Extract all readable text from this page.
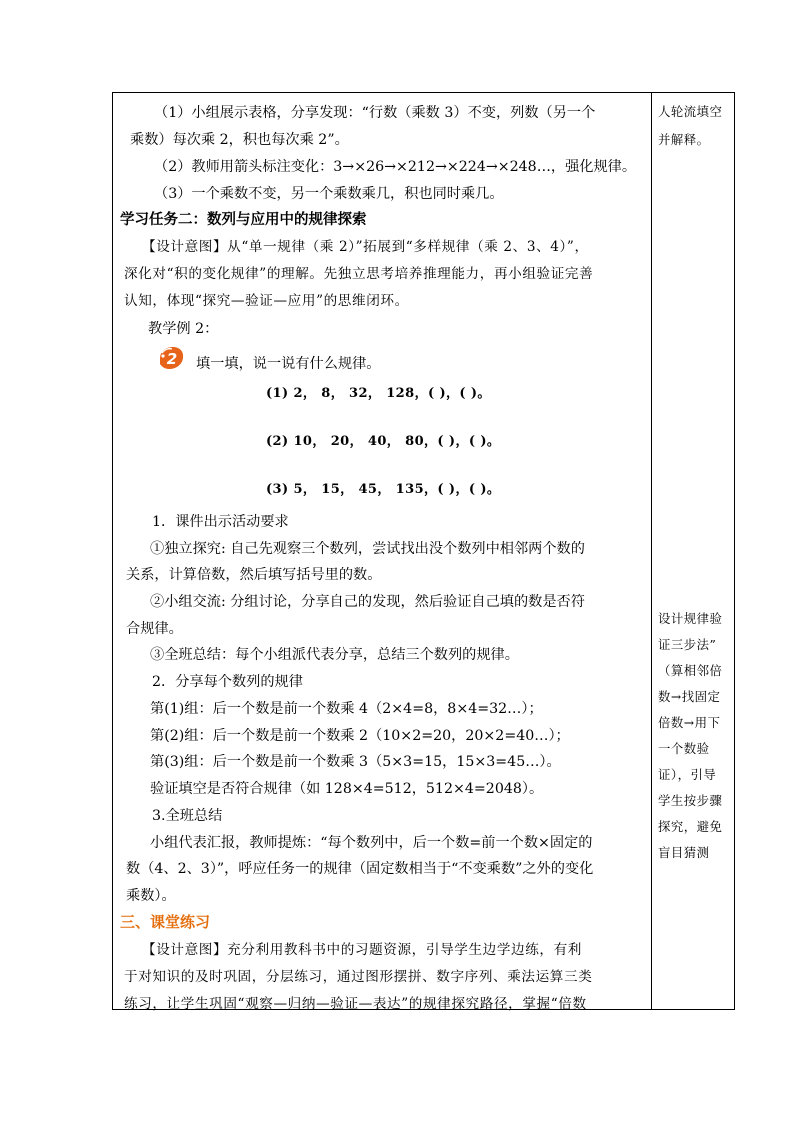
（1）小组展示表格，分享发现：“行数（乘数 3）不变，列数（另一个
乘数）每次乘 2，积也每次乘 2”。
（2）教师用箭头标注变化：3→×26→×212→×224→×248…，强化规律。
（3）一个乘数不变，另一个乘数乘几，积也同时乘几。
学习任务二：数列与应用中的规律探索
【设计意图】从“单一规律（乘 2）”拓展到“多样规律（乘 2、3、4）”，
深化对“积的变化规律”的理解。先独立思考培养推理能力，再小组验证完善
认知，体现“探究—验证—应用”的思维闭环。
教学例 2：
2 填一填，说一说有什么规律。
(1) 2， 8， 32， 128，( )，( )。
(2) 10， 20， 40， 80，( )，( )。
(3) 5， 15， 45， 135，( )，( )。
1．课件出示活动要求
①独立探究: 自己先观察三个数列，尝试找出没个数列中相邻两个数的
关系，计算倍数，然后填写括号里的数。
②小组交流: 分组讨论，分享自己的发现，然后验证自己填的数是否符
合规律。
③全班总结：每个小组派代表分享，总结三个数列的规律。
2．分享每个数列的规律
第(1)组：后一个数是前一个数乘 4（2×4=8，8×4=32…）；
第(2)组：后一个数是前一个数乘 2（10×2=20，20×2=40…）；
第(3)组：后一个数是前一个数乘 3（5×3=15，15×3=45…）。
验证填空是否符合规律（如 128×4=512，512×4=2048）。
3.全班总结
小组代表汇报，教师提炼：“每个数列中，后一个数=前一个数×固定的
数（4、2、3）”，呼应任务一的规律（固定数相当于“不变乘数”之外的变化
乘数）。
三、课堂练习
【设计意图】充分利用教科书中的习题资源，引导学生边学边练，有利
于对知识的及时巩固，分层练习，通过图形摆拼、数字序列、乘法运算三类
练习，让学生巩固“观察—归纳—验证—表达”的规律探究路径，掌握“倍数
人轮流填空
并解释。
设计规律验
证三步法”
（算相邻倍
数→找固定
倍数→用下
一个数验
证），引导
学生按步骤
探究，避免
盲目猜测
